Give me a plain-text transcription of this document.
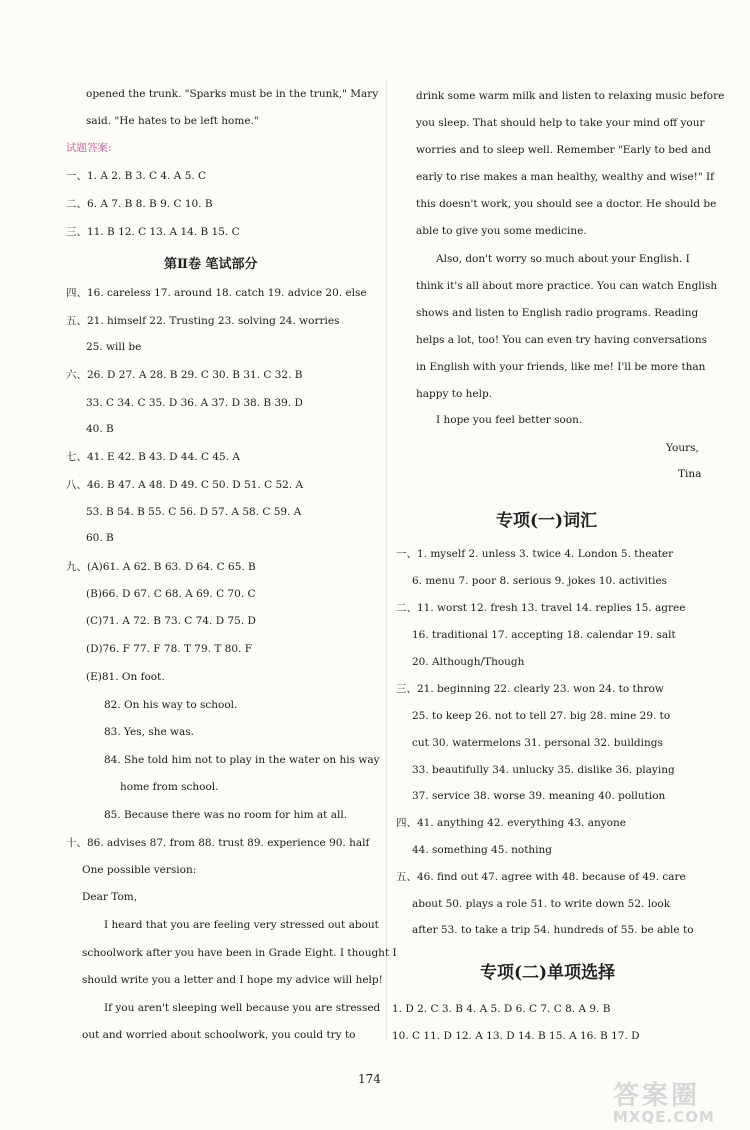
opened the trunk. "Sparks must be in the trunk," Mary
said. "He hates to be left home."
试题答案:
一、1. A 2. B 3. C 4. A 5. C
二、6. A 7. B 8. B 9. C 10. B
三、11. B 12. C 13. A 14. B 15. C
第Ⅱ卷 笔试部分
四、16. careless 17. around 18. catch 19. advice 20. else
五、21. himself 22. Trusting 23. solving 24. worries
25. will be
六、26. D 27. A 28. B 29. C 30. B 31. C 32. B
33. C 34. C 35. D 36. A 37. D 38. B 39. D
40. B
七、41. E 42. B 43. D 44. C 45. A
八、46. B 47. A 48. D 49. C 50. D 51. C 52. A
53. B 54. B 55. C 56. D 57. A 58. C 59. A
60. B
九、(A)61. A 62. B 63. D 64. C 65. B
(B)66. D 67. C 68. A 69. C 70. C
(C)71. A 72. B 73. C 74. D 75. D
(D)76. F 77. F 78. T 79. T 80. F
(E)81. On foot.
82. On his way to school.
83. Yes, she was.
84. She told him not to play in the water on his way
home from school.
85. Because there was no room for him at all.
十、86. advises 87. from 88. trust 89. experience 90. half
One possible version:
Dear Tom,
I heard that you are feeling very stressed out about
schoolwork after you have been in Grade Eight. I thought I
should write you a letter and I hope my advice will help!
If you aren't sleeping well because you are stressed
out and worried about schoolwork, you could try to
drink some warm milk and listen to relaxing music before
you sleep. That should help to take your mind off your
worries and to sleep well. Remember "Early to bed and
early to rise makes a man healthy, wealthy and wise!" If
this doesn't work, you should see a doctor. He should be
able to give you some medicine.
Also, don't worry so much about your English. I
think it's all about more practice. You can watch English
shows and listen to English radio programs. Reading
helps a lot, too! You can even try having conversations
in English with your friends, like me! I'll be more than
happy to help.
I hope you feel better soon.
Yours,
Tina
专项(一)词汇
一、1. myself 2. unless 3. twice 4. London 5. theater
6. menu 7. poor 8. serious 9. jokes 10. activities
二、11. worst 12. fresh 13. travel 14. replies 15. agree
16. traditional 17. accepting 18. calendar 19. salt
20. Although/Though
三、21. beginning 22. clearly 23. won 24. to throw
25. to keep 26. not to tell 27. big 28. mine 29. to
cut 30. watermelons 31. personal 32. buildings
33. beautifully 34. unlucky 35. dislike 36. playing
37. service 38. worse 39. meaning 40. pollution
四、41. anything 42. everything 43. anyone
44. something 45. nothing
五、46. find out 47. agree with 48. because of 49. care
about 50. plays a role 51. to write down 52. look
after 53. to take a trip 54. hundreds of 55. be able to
专项(二)单项选择
1. D 2. C 3. B 4. A 5. D 6. C 7. C 8. A 9. B
10. C 11. D 12. A 13. D 14. B 15. A 16. B 17. D
174
答案圈
MXQE.COM
